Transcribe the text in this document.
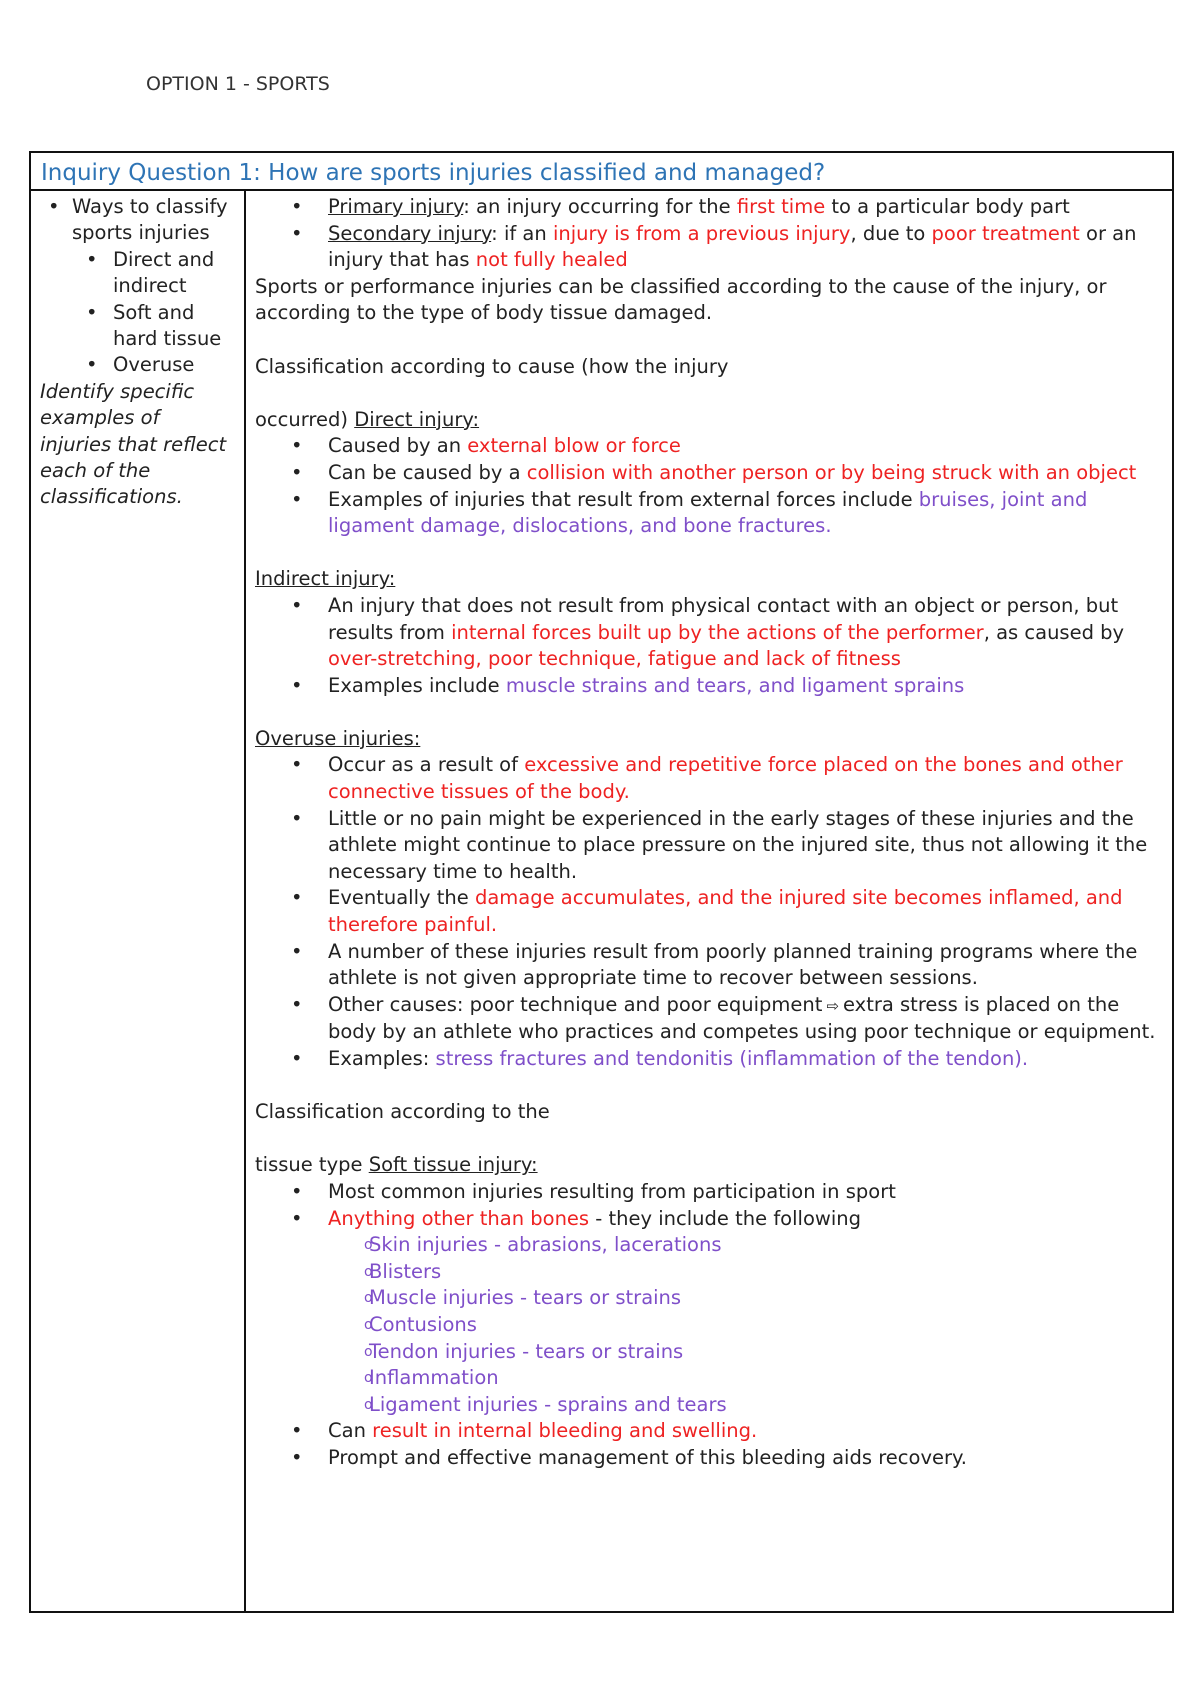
OPTION 1 - SPORTS
Inquiry Question 1: How are sports injuries classified and managed?
• Ways to classify sports injuries
• Direct and indirect
• Soft and hard tissue
• Overuse
Identify specific examples of injuries that reflect each of the classifications.
• Primary injury: an injury occurring for the first time to a particular body part
• Secondary injury: if an injury is from a previous injury, due to poor treatment or an injury that has not fully healed
Sports or performance injuries can be classified according to the cause of the injury, or according to the type of body tissue damaged.
Classification according to cause (how the injury
occurred) Direct injury:
• Caused by an external blow or force
• Can be caused by a collision with another person or by being struck with an object
• Examples of injuries that result from external forces include bruises, joint and ligament damage, dislocations, and bone fractures.
Indirect injury:
• An injury that does not result from physical contact with an object or person, but results from internal forces built up by the actions of the performer, as caused by over-stretching, poor technique, fatigue and lack of fitness
• Examples include muscle strains and tears, and ligament sprains
Overuse injuries:
• Occur as a result of excessive and repetitive force placed on the bones and other connective tissues of the body.
• Little or no pain might be experienced in the early stages of these injuries and the athlete might continue to place pressure on the injured site, thus not allowing it the necessary time to health.
• Eventually the damage accumulates, and the injured site becomes inflamed, and therefore painful.
• A number of these injuries result from poorly planned training programs where the athlete is not given appropriate time to recover between sessions.
• Other causes: poor technique and poor equipment ⇨ extra stress is placed on the body by an athlete who practices and competes using poor technique or equipment.
• Examples: stress fractures and tendonitis (inflammation of the tendon).
Classification according to the
tissue type Soft tissue injury:
• Most common injuries resulting from participation in sport
• Anything other than bones - they include the following
o Skin injuries - abrasions, lacerations
o Blisters
o Muscle injuries - tears or strains
o Contusions
o Tendon injuries - tears or strains
o Inflammation
o Ligament injuries - sprains and tears
• Can result in internal bleeding and swelling.
• Prompt and effective management of this bleeding aids recovery.
